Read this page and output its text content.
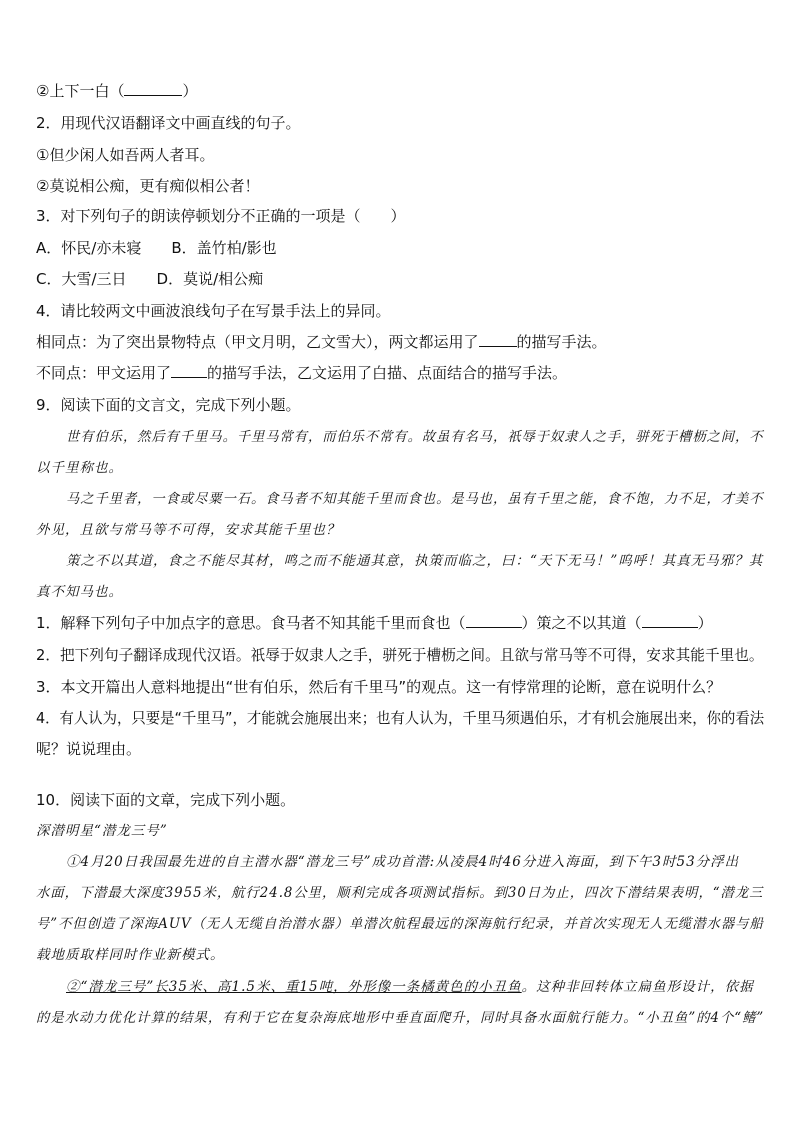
②上下一白（	）
2．用现代汉语翻译文中画直线的句子。
①但少闲人如吾两人者耳。
②莫说相公痴，更有痴似相公者！
3．对下列句子的朗读停顿划分不正确的一项是（　　）
A．怀民/亦未寝　　B．盖竹柏/影也
C．大雪/三日　　D．莫说/相公痴
4．请比较两文中画波浪线句子在写景手法上的异同。
相同点：为了突出景物特点（甲文月明，乙文雪大），两文都运用了	的描写手法。
不同点：甲文运用了 的描写手法，乙文运用了白描、点面结合的描写手法。
9．阅读下面的文言文，完成下列小题。
世有伯乐，然后有千里马。千里马常有，而伯乐不常有。故虽有名马，祇辱于奴隶人之手，骈死于槽枥之间，不
以千里称也。
马之千里者，一食或尽粟一石。食马者不知其能千里而食也。是马也，虽有千里之能，食不饱，力不足，才美不
外见，且欲与常马等不可得，安求其能千里也？
策之不以其道，食之不能尽其材，鸣之而不能通其意，执策而临之，曰：“天下无马！”呜呼！其真无马邪？其
真不知马也。
1．解释下列句子中加点字的意思。食马者不知其能千里而食也（	）策之不以其道（	）
2．把下列句子翻译成现代汉语。祇辱于奴隶人之手，骈死于槽枥之间。且欲与常马等不可得，安求其能千里也。
3．本文开篇出人意料地提出“世有伯乐，然后有千里马”的观点。这一有悖常理的论断，意在说明什么？
4．有人认为，只要是“千里马”，才能就会施展出来；也有人认为，千里马须遇伯乐，才有机会施展出来，你的看法
呢？说说理由。
10．阅读下面的文章，完成下列小题。
深潜明星“潜龙三号”
①4月20日我国最先进的自主潜水器“潜龙三号”成功首潜:从凌晨4时46分进入海面，到下午3时53分浮出
水面，下潜最大深度3955米，航行24.8公里，顺利完成各项测试指标。到30日为止，四次下潜结果表明，“潜龙三
号”不但创造了深海AUV（无人无缆自治潜水器）单潜次航程最远的深海航行纪录，并首次实现无人无缆潜水器与船
载地质取样同时作业新模式。
②“潜龙三号”长35米、高1.5米、重15吨，外形像一条橘黄色的小丑鱼。这种非回转体立扁鱼形设计，依据
的是水动力优化计算的结果，有利于它在复杂海底地形中垂直面爬升，同时具备水面航行能力。“小丑鱼”的4个“鳍”
